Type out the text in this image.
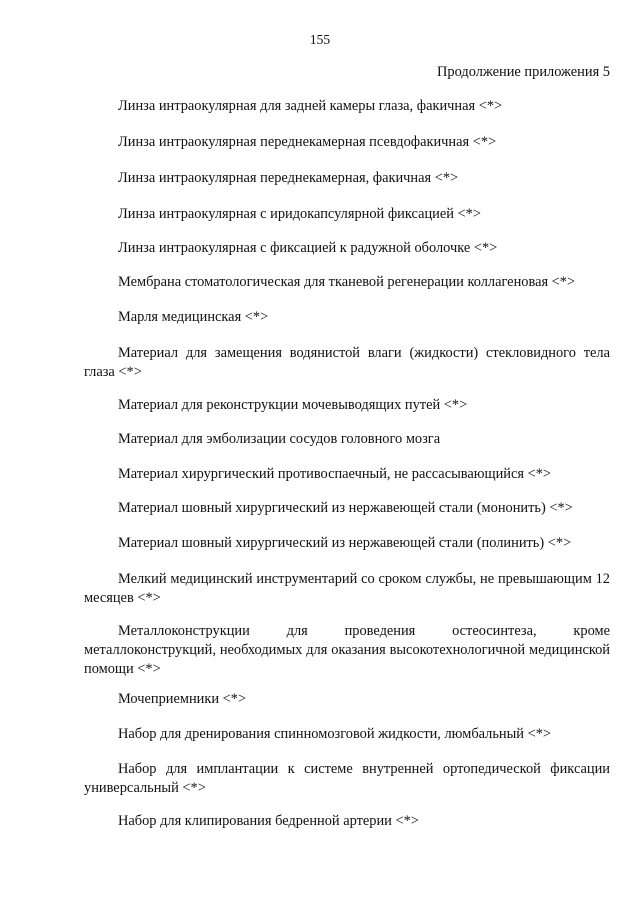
155
Продолжение приложения 5
Линза интраокулярная для задней камеры глаза, факичная <*>
Линза интраокулярная переднекамерная псевдофакичная <*>
Линза интраокулярная переднекамерная, факичная <*>
Линза интраокулярная с иридокапсулярной фиксацией <*>
Линза интраокулярная с фиксацией к радужной оболочке <*>
Мембрана стоматологическая для тканевой регенерации коллагеновая <*>
Марля медицинская <*>
Материал для замещения водянистой влаги (жидкости) стекловидного тела глаза <*>
Материал для реконструкции мочевыводящих путей <*>
Материал для эмболизации сосудов головного мозга
Материал хирургический противоспаечный, не рассасывающийся <*>
Материал шовный хирургический из нержавеющей стали (мононить) <*>
Материал шовный хирургический из нержавеющей стали (полинить) <*>
Мелкий медицинский инструментарий со сроком службы, не превышающим 12 месяцев <*>
Металлоконструкции для проведения остеосинтеза, кроме металлоконструкций, необходимых для оказания высокотехнологичной медицинской помощи <*>
Мочеприемники <*>
Набор для дренирования спинномозговой жидкости, люмбальный <*>
Набор для имплантации к системе внутренней ортопедической фиксации универсальный <*>
Набор для клипирования бедренной артерии <*>
